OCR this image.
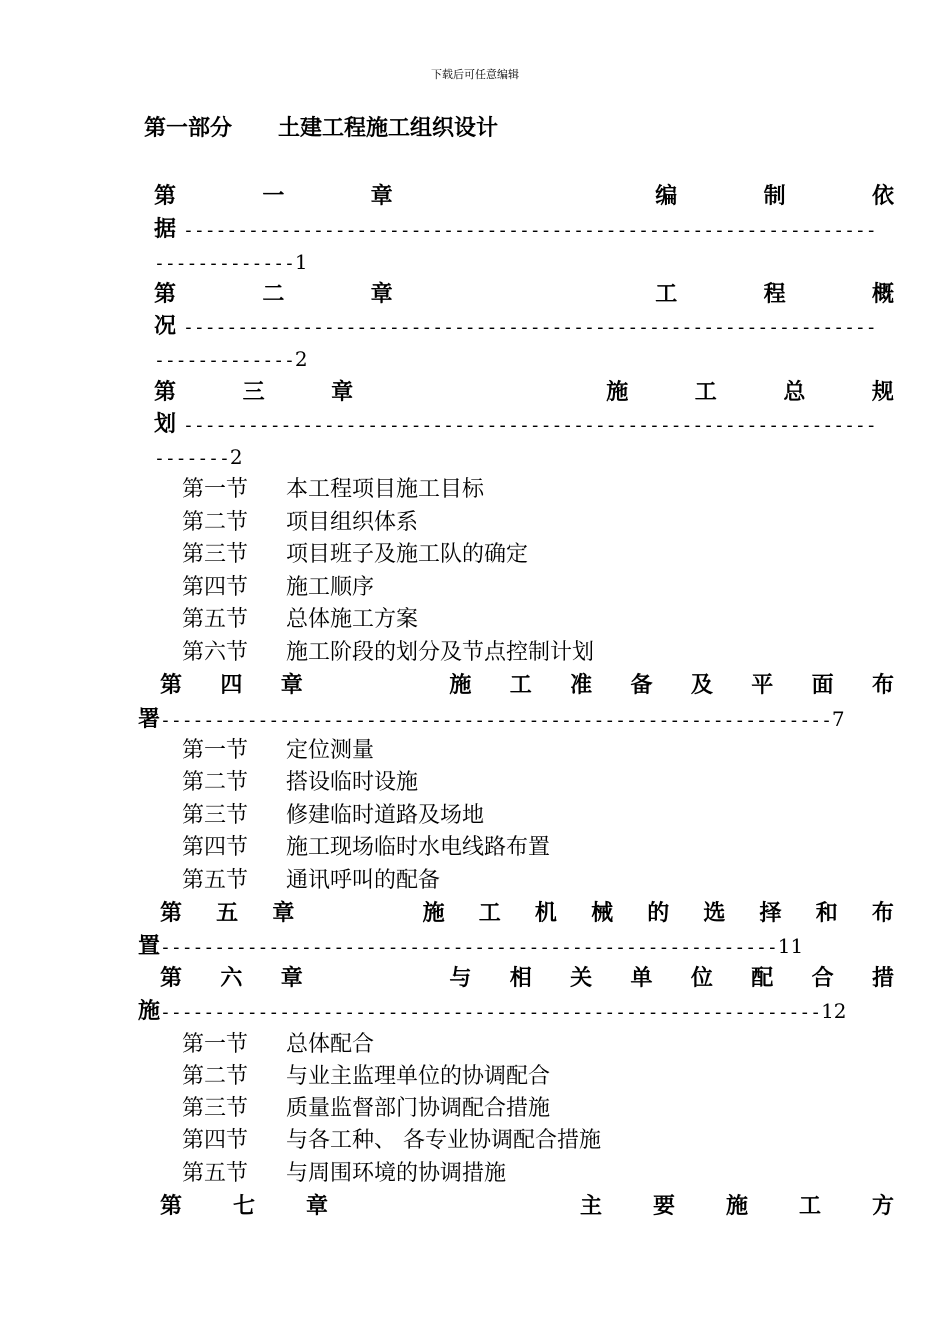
下载后可任意编辑
第一部分 土建工程施工组织设计
第	一	章	编	制	依
据 ----------------------------------------------------------------
-------------1
第	二	章	工	程	概
况 ----------------------------------------------------------------
-------------2
第	三	章	施	工	总	规
划 ----------------------------------------------------------------
-------2
第一节 本工程项目施工目标
第二节 项目组织体系
第三节 项目班子及施工队的确定
第四节 施工顺序
第五节 总体施工方案
第六节 施工阶段的划分及节点控制计划
第 四 章	施 工 准 备 及 平 面 布
署--------------------------------------------------------------7
第一节 定位测量
第二节 搭设临时设施
第三节 修建临时道路及场地
第四节 施工现场临时水电线路布置
第五节 通讯呼叫的配备
第 五 章	施 工 机 械 的 选 择 和 布
置---------------------------------------------------------11
第 六 章	与 相 关 单 位 配 合 措
施-------------------------------------------------------------12
第一节 总体配合
第二节 与业主监理单位的协调配合
第三节 质量监督部门协调配合措施
第四节 与各工种、 各专业协调配合措施
第五节 与周围环境的协调措施
第 七 章	主 要 施 工 方
